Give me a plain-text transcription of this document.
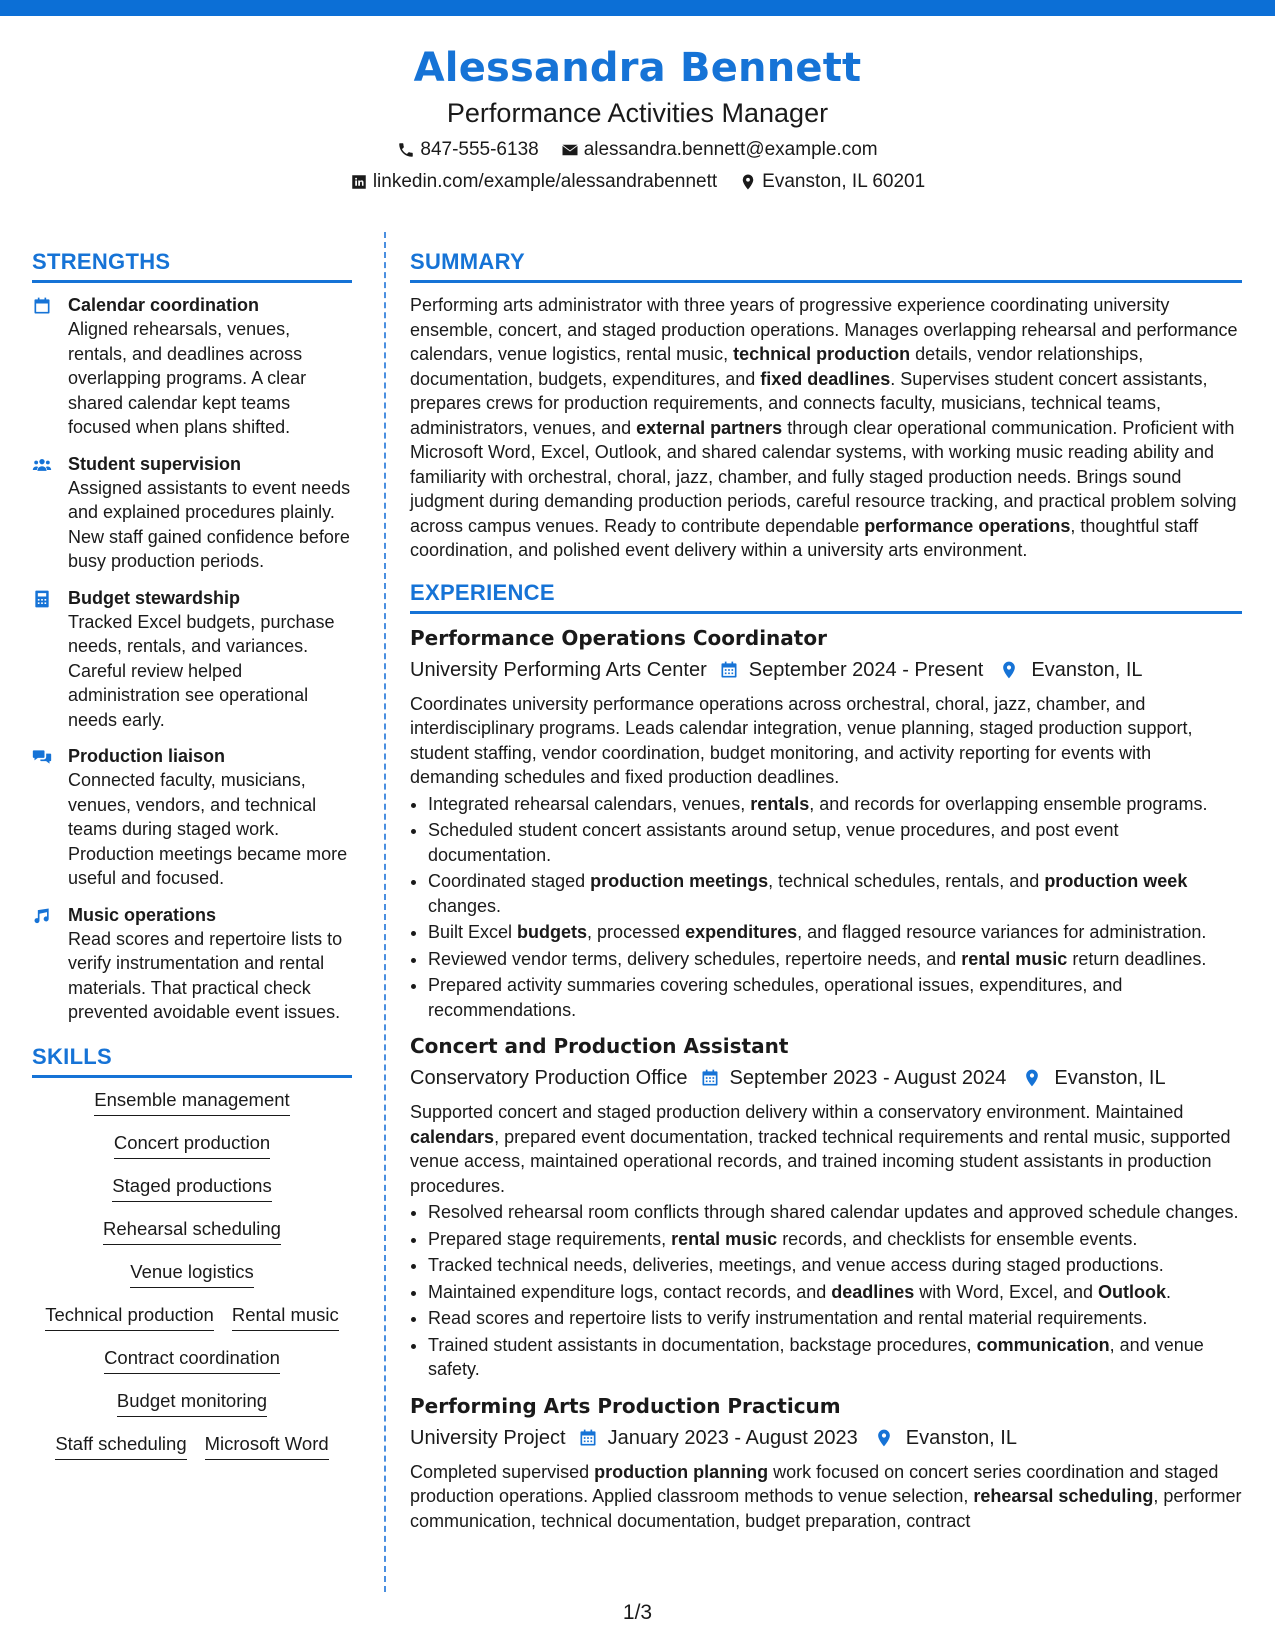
Alessandra Bennett
Performance Activities Manager
847-555-6138 alessandra.bennett@example.com
linkedin.com/example/alessandrabennett Evanston, IL 60201
STRENGTHS
Calendar coordination
Aligned rehearsals, venues, rentals, and deadlines across overlapping programs. A clear shared calendar kept teams focused when plans shifted.
Student supervision
Assigned assistants to event needs and explained procedures plainly. New staff gained confidence before busy production periods.
Budget stewardship
Tracked Excel budgets, purchase needs, rentals, and variances. Careful review helped administration see operational needs early.
Production liaison
Connected faculty, musicians, venues, vendors, and technical teams during staged work. Production meetings became more useful and focused.
Music operations
Read scores and repertoire lists to verify instrumentation and rental materials. That practical check prevented avoidable event issues.
SKILLS
Ensemble management
Concert production
Staged productions
Rehearsal scheduling
Venue logistics
Technical production Rental music
Contract coordination
Budget monitoring
Staff scheduling Microsoft Word
SUMMARY
Performing arts administrator with three years of progressive experience coordinating university ensemble, concert, and staged production operations. Manages overlapping rehearsal and performance calendars, venue logistics, rental music, technical production details, vendor relationships, documentation, budgets, expenditures, and fixed deadlines. Supervises student concert assistants, prepares crews for production requirements, and connects faculty, musicians, technical teams, administrators, venues, and external partners through clear operational communication. Proficient with Microsoft Word, Excel, Outlook, and shared calendar systems, with working music reading ability and familiarity with orchestral, choral, jazz, chamber, and fully staged production needs. Brings sound judgment during demanding production periods, careful resource tracking, and practical problem solving across campus venues. Ready to contribute dependable performance operations, thoughtful staff coordination, and polished event delivery within a university arts environment.
EXPERIENCE
Performance Operations Coordinator
University Performing Arts Center September 2024 - Present Evanston, IL
Coordinates university performance operations across orchestral, choral, jazz, chamber, and interdisciplinary programs. Leads calendar integration, venue planning, staged production support, student staffing, vendor coordination, budget monitoring, and activity reporting for events with demanding schedules and fixed production deadlines.
• Integrated rehearsal calendars, venues, rentals, and records for overlapping ensemble programs.
• Scheduled student concert assistants around setup, venue procedures, and post event documentation.
• Coordinated staged production meetings, technical schedules, rentals, and production week changes.
• Built Excel budgets, processed expenditures, and flagged resource variances for administration.
• Reviewed vendor terms, delivery schedules, repertoire needs, and rental music return deadlines.
• Prepared activity summaries covering schedules, operational issues, expenditures, and recommendations.
Concert and Production Assistant
Conservatory Production Office September 2023 - August 2024 Evanston, IL
Supported concert and staged production delivery within a conservatory environment. Maintained calendars, prepared event documentation, tracked technical requirements and rental music, supported venue access, maintained operational records, and trained incoming student assistants in production procedures.
• Resolved rehearsal room conflicts through shared calendar updates and approved schedule changes.
• Prepared stage requirements, rental music records, and checklists for ensemble events.
• Tracked technical needs, deliveries, meetings, and venue access during staged productions.
• Maintained expenditure logs, contact records, and deadlines with Word, Excel, and Outlook.
• Read scores and repertoire lists to verify instrumentation and rental material requirements.
• Trained student assistants in documentation, backstage procedures, communication, and venue safety.
Performing Arts Production Practicum
University Project January 2023 - August 2023 Evanston, IL
Completed supervised production planning work focused on concert series coordination and staged production operations. Applied classroom methods to venue selection, rehearsal scheduling, performer communication, technical documentation, budget preparation, contract
1/3
